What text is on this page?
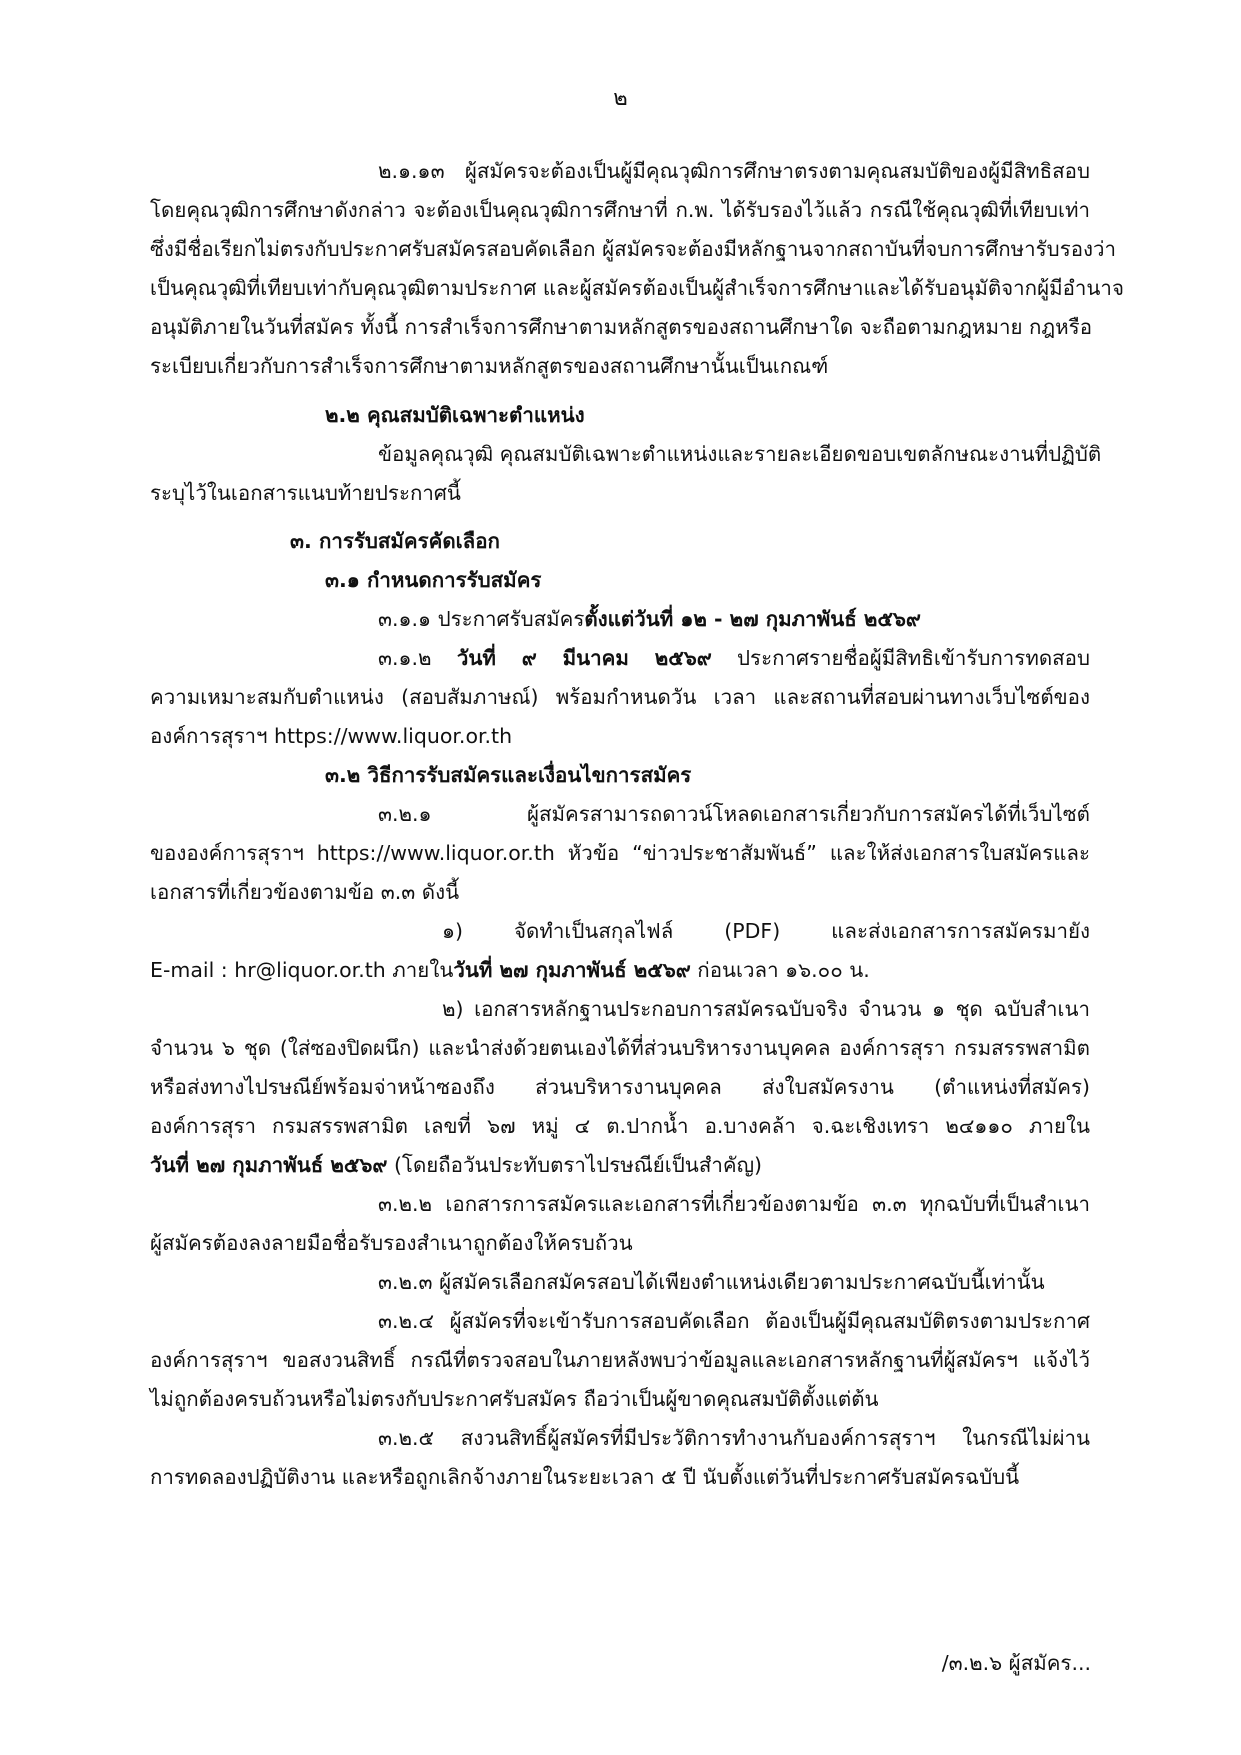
๒
๒.๑.๑๓ ผู้สมัครจะต้องเป็นผู้มีคุณวุฒิการศึกษาตรงตามคุณสมบัติของผู้มีสิทธิสอบ
โดยคุณวุฒิการศึกษาดังกล่าว จะต้องเป็นคุณวุฒิการศึกษาที่ ก.พ. ได้รับรองไว้แล้ว กรณีใช้คุณวุฒิที่เทียบเท่า
ซึ่งมีชื่อเรียกไม่ตรงกับประกาศรับสมัครสอบคัดเลือก ผู้สมัครจะต้องมีหลักฐานจากสถาบันที่จบการศึกษารับรองว่า
เป็นคุณวุฒิที่เทียบเท่ากับคุณวุฒิตามประกาศ และผู้สมัครต้องเป็นผู้สำเร็จการศึกษาและได้รับอนุมัติจากผู้มีอำนาจ
อนุมัติภายในวันที่สมัคร ทั้งนี้ การสำเร็จการศึกษาตามหลักสูตรของสถานศึกษาใด จะถือตามกฎหมาย กฎหรือ
ระเบียบเกี่ยวกับการสำเร็จการศึกษาตามหลักสูตรของสถานศึกษานั้นเป็นเกณฑ์
๒.๒ คุณสมบัติเฉพาะตำแหน่ง
ข้อมูลคุณวุฒิ คุณสมบัติเฉพาะตำแหน่งและรายละเอียดขอบเขตลักษณะงานที่ปฏิบัติ
ระบุไว้ในเอกสารแนบท้ายประกาศนี้
๓. การรับสมัครคัดเลือก
๓.๑ กำหนดการรับสมัคร
๓.๑.๑ ประกาศรับสมัครตั้งแต่วันที่ ๑๒ - ๒๗ กุมภาพันธ์ ๒๕๖๙
๓.๑.๒ วันที่ ๙ มีนาคม ๒๕๖๙ ประกาศรายชื่อผู้มีสิทธิเข้ารับการทดสอบ
ความเหมาะสมกับตำแหน่ง (สอบสัมภาษณ์) พร้อมกำหนดวัน เวลา และสถานที่สอบผ่านทางเว็บไซต์ของ
องค์การสุราฯ https://www.liquor.or.th
๓.๒ วิธีการรับสมัครและเงื่อนไขการสมัคร
๓.๒.๑ ผู้สมัครสามารถดาวน์โหลดเอกสารเกี่ยวกับการสมัครได้ที่เว็บไซต์
ขององค์การสุราฯ https://www.liquor.or.th หัวข้อ “ข่าวประชาสัมพันธ์” และให้ส่งเอกสารใบสมัครและ
เอกสารที่เกี่ยวข้องตามข้อ ๓.๓ ดังนี้
๑) จัดทำเป็นสกุลไฟล์ (PDF) และส่งเอกสารการสมัครมายัง
E-mail : hr@liquor.or.th ภายในวันที่ ๒๗ กุมภาพันธ์ ๒๕๖๙ ก่อนเวลา ๑๖.๐๐ น.
๒) เอกสารหลักฐานประกอบการสมัครฉบับจริง จำนวน ๑ ชุด ฉบับสำเนา
จำนวน ๖ ชุด (ใส่ซองปิดผนึก) และนำส่งด้วยตนเองได้ที่ส่วนบริหารงานบุคคล องค์การสุรา กรมสรรพสามิต
หรือส่งทางไปรษณีย์พร้อมจ่าหน้าซองถึง ส่วนบริหารงานบุคคล ส่งใบสมัครงาน (ตำแหน่งที่สมัคร)
องค์การสุรา กรมสรรพสามิต เลขที่ ๖๗ หมู่ ๔ ต.ปากน้ำ อ.บางคล้า จ.ฉะเชิงเทรา ๒๔๑๑๐ ภายใน
วันที่ ๒๗ กุมภาพันธ์ ๒๕๖๙ (โดยถือวันประทับตราไปรษณีย์เป็นสำคัญ)
๓.๒.๒ เอกสารการสมัครและเอกสารที่เกี่ยวข้องตามข้อ ๓.๓ ทุกฉบับที่เป็นสำเนา
ผู้สมัครต้องลงลายมือชื่อรับรองสำเนาถูกต้องให้ครบถ้วน
๓.๒.๓ ผู้สมัครเลือกสมัครสอบได้เพียงตำแหน่งเดียวตามประกาศฉบับนี้เท่านั้น
๓.๒.๔ ผู้สมัครที่จะเข้ารับการสอบคัดเลือก ต้องเป็นผู้มีคุณสมบัติตรงตามประกาศ
องค์การสุราฯ ขอสงวนสิทธิ์ กรณีที่ตรวจสอบในภายหลังพบว่าข้อมูลและเอกสารหลักฐานที่ผู้สมัครฯ แจ้งไว้
ไม่ถูกต้องครบถ้วนหรือไม่ตรงกับประกาศรับสมัคร ถือว่าเป็นผู้ขาดคุณสมบัติตั้งแต่ต้น
๓.๒.๕ สงวนสิทธิ์ผู้สมัครที่มีประวัติการทำงานกับองค์การสุราฯ ในกรณีไม่ผ่าน
การทดลองปฏิบัติงาน และหรือถูกเลิกจ้างภายในระยะเวลา ๕ ปี นับตั้งแต่วันที่ประกาศรับสมัครฉบับนี้
/๓.๒.๖ ผู้สมัคร...
